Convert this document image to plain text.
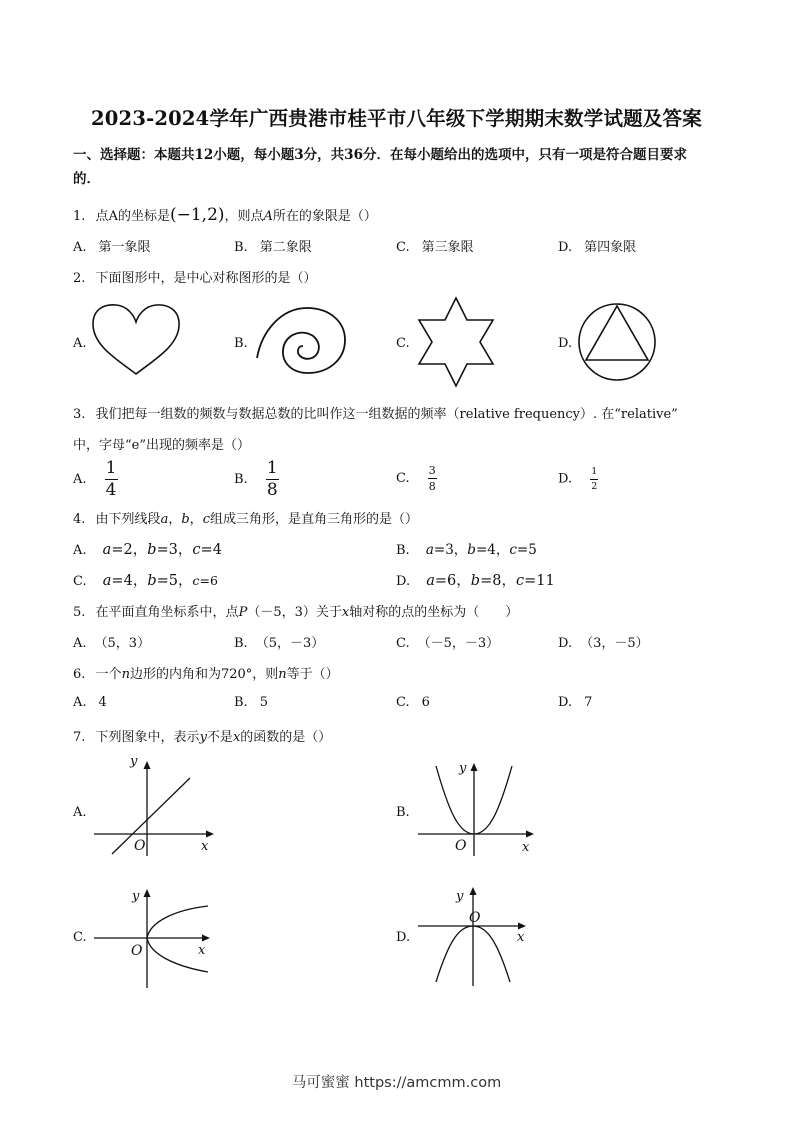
2023-2024学年广西贵港市桂平市八年级下学期期末数学试题及答案
一、选择题：本题共12小题，每小题3分，共36分．在每小题给出的选项中，只有一项是符合题目要求
的．
1. 点A的坐标是(−1,2)，则点A所在的象限是（）
A. 第一象限	B. 第二象限	C. 第三象限	D. 第四象限
2. 下面图形中，是中心对称图形的是（）
A.	B.	C.	D.
3. 我们把每一组数的频数与数据总数的比叫作这一组数据的频率（relative frequency）. 在“relative”
中，字母“e”出现的频率是（）
A. $\frac{1}{4}$	B. $\frac{1}{8}$	C. $\frac{3}{8}$	D. $\frac{1}{2}$
4. 由下列线段a，b，c组成三角形，是直角三角形的是（）
A. a=2，b=3，c=4	B. a=3，b=4，c=5
C. a=4，b=5，c=6	D. a=6，b=8，c=11
5. 在平面直角坐标系中，点P（－5，3）关于x轴对称的点的坐标为（　　）
A. （5，3）	B. （5，－3）	C. （－5，－3）	D. （3，－5）
6. 一个n边形的内角和为720°，则n等于（）
A. 4	B. 5	C. 6	D. 7
7. 下列图象中，表示y不是x的函数的是（）
A.	B.
C.	D.
y
O	x
y
O	x
y
O	x
y
O
x
马可蜜蜜 https://amcmm.com
